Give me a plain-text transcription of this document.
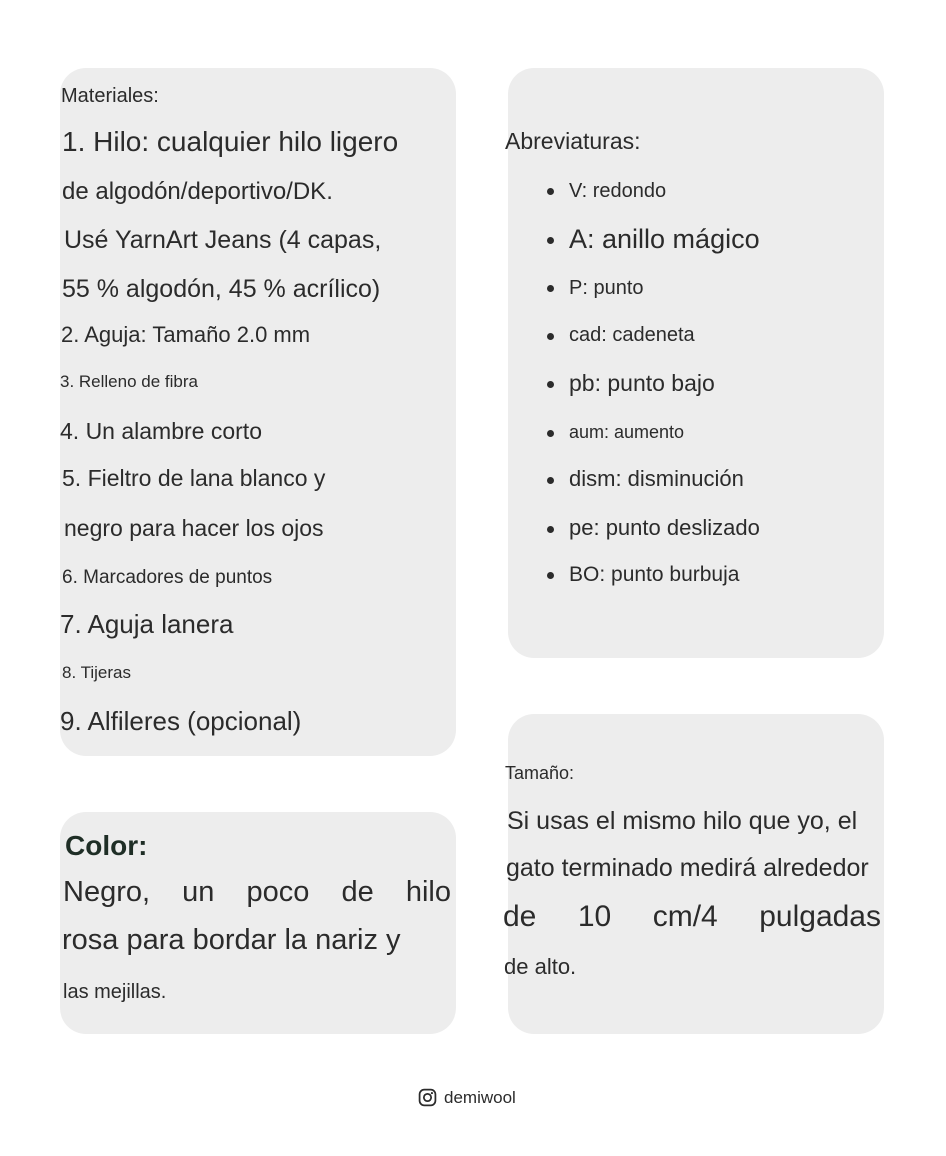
Materiales:

1. Hilo: cualquier hilo ligero

de algodón/deportivo/DK.

Usé YarnArt Jeans (4 capas,

55 % algodón, 45 % acrílico)

2. Aguja: Tamaño 2.0 mm

3. Relleno de fibra

4. Un alambre corto

5. Fieltro de lana blanco y

negro para hacer los ojos

6. Marcadores de puntos

7. Aguja lanera

8. Tijeras

9. Alfileres (opcional)

Abreviaturas:

V: redondo
A: anillo mágico
P: punto
cad: cadeneta
pb: punto bajo
aum: aumento
dism: disminución
pe: punto deslizado
BO: punto burbuja

Color:

Negro, un poco de hilo

rosa para bordar la nariz y

las mejillas.

Tamaño:

Si usas el mismo hilo que yo, el

gato terminado medirá alrededor

de 10 cm/4 pulgadas

de alto.

demiwool
